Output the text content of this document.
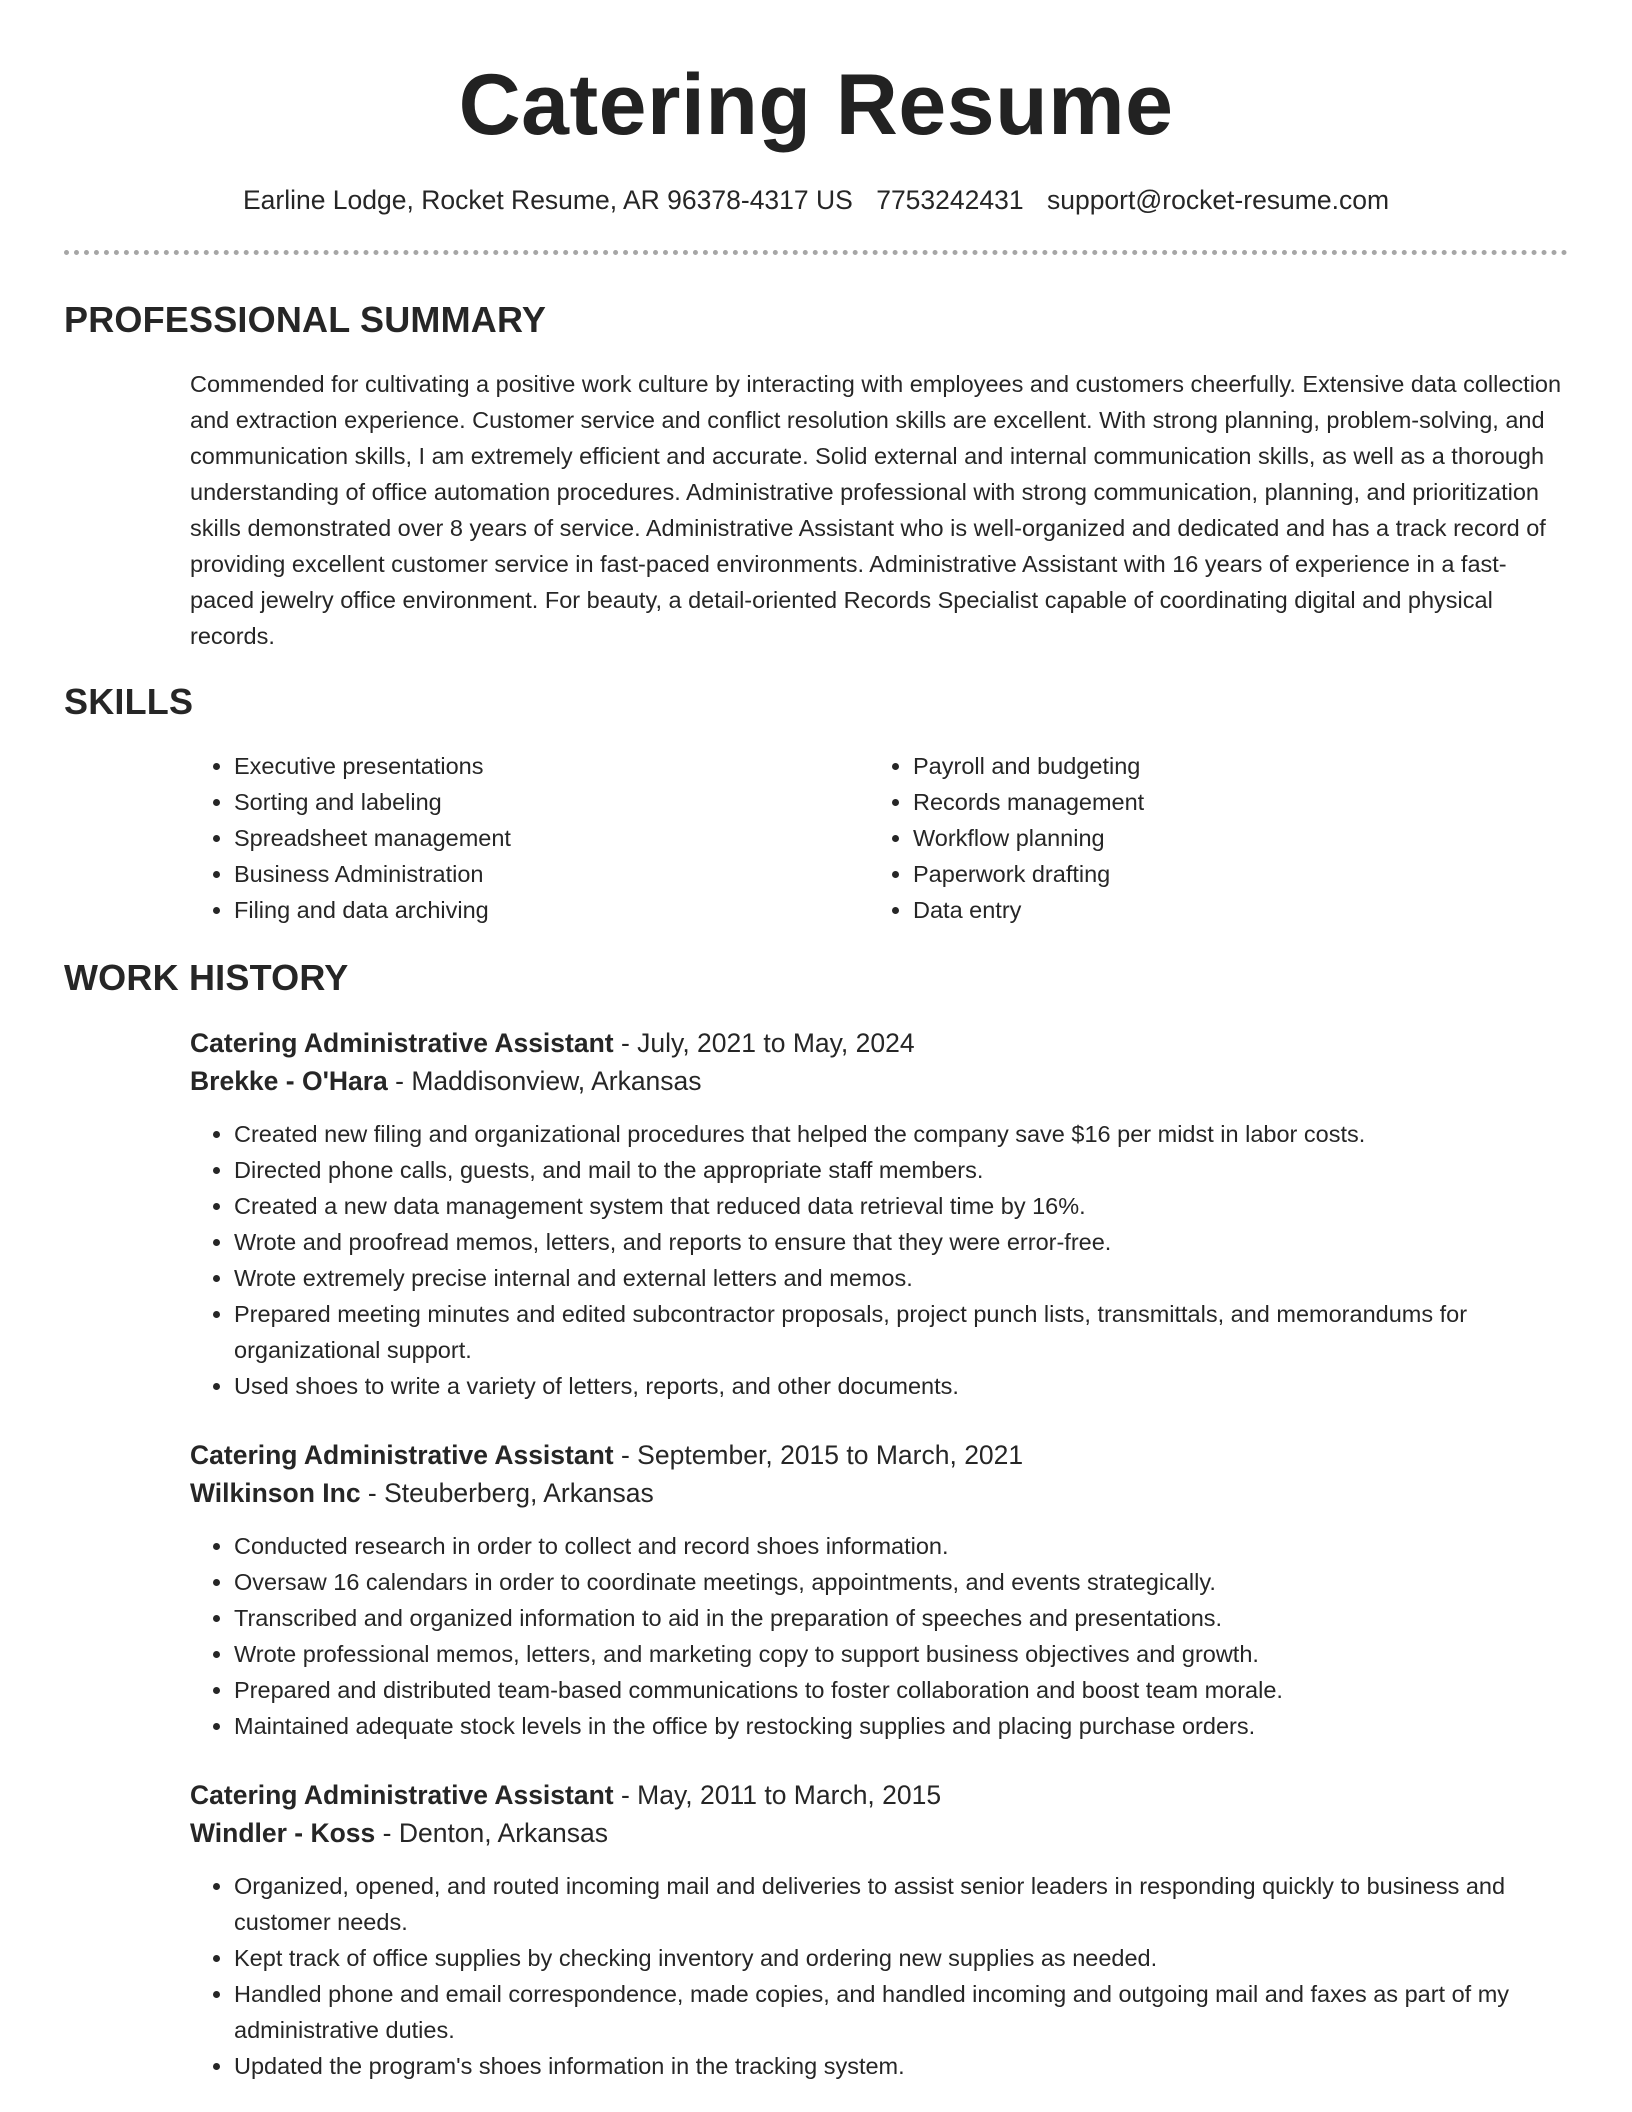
Catering Resume
Earline Lodge, Rocket Resume, AR 96378-4317 US 7753242431 support@rocket-resume.com
PROFESSIONAL SUMMARY
Commended for cultivating a positive work culture by interacting with employees and customers cheerfully. Extensive data collection and extraction experience. Customer service and conflict resolution skills are excellent. With strong planning, problem-solving, and communication skills, I am extremely efficient and accurate. Solid external and internal communication skills, as well as a thorough understanding of office automation procedures. Administrative professional with strong communication, planning, and prioritization skills demonstrated over 8 years of service. Administrative Assistant who is well-organized and dedicated and has a track record of providing excellent customer service in fast-paced environments. Administrative Assistant with 16 years of experience in a fast-paced jewelry office environment. For beauty, a detail-oriented Records Specialist capable of coordinating digital and physical records.
SKILLS
• Executive presentations
• Sorting and labeling
• Spreadsheet management
• Business Administration
• Filing and data archiving
• Payroll and budgeting
• Records management
• Workflow planning
• Paperwork drafting
• Data entry
WORK HISTORY
Catering Administrative Assistant - July, 2021 to May, 2024
Brekke - O'Hara - Maddisonview, Arkansas
• Created new filing and organizational procedures that helped the company save $16 per midst in labor costs.
• Directed phone calls, guests, and mail to the appropriate staff members.
• Created a new data management system that reduced data retrieval time by 16%.
• Wrote and proofread memos, letters, and reports to ensure that they were error-free.
• Wrote extremely precise internal and external letters and memos.
• Prepared meeting minutes and edited subcontractor proposals, project punch lists, transmittals, and memorandums for organizational support.
• Used shoes to write a variety of letters, reports, and other documents.
Catering Administrative Assistant - September, 2015 to March, 2021
Wilkinson Inc - Steuberberg, Arkansas
• Conducted research in order to collect and record shoes information.
• Oversaw 16 calendars in order to coordinate meetings, appointments, and events strategically.
• Transcribed and organized information to aid in the preparation of speeches and presentations.
• Wrote professional memos, letters, and marketing copy to support business objectives and growth.
• Prepared and distributed team-based communications to foster collaboration and boost team morale.
• Maintained adequate stock levels in the office by restocking supplies and placing purchase orders.
Catering Administrative Assistant - May, 2011 to March, 2015
Windler - Koss - Denton, Arkansas
• Organized, opened, and routed incoming mail and deliveries to assist senior leaders in responding quickly to business and customer needs.
• Kept track of office supplies by checking inventory and ordering new supplies as needed.
• Handled phone and email correspondence, made copies, and handled incoming and outgoing mail and faxes as part of my administrative duties.
• Updated the program's shoes information in the tracking system.
